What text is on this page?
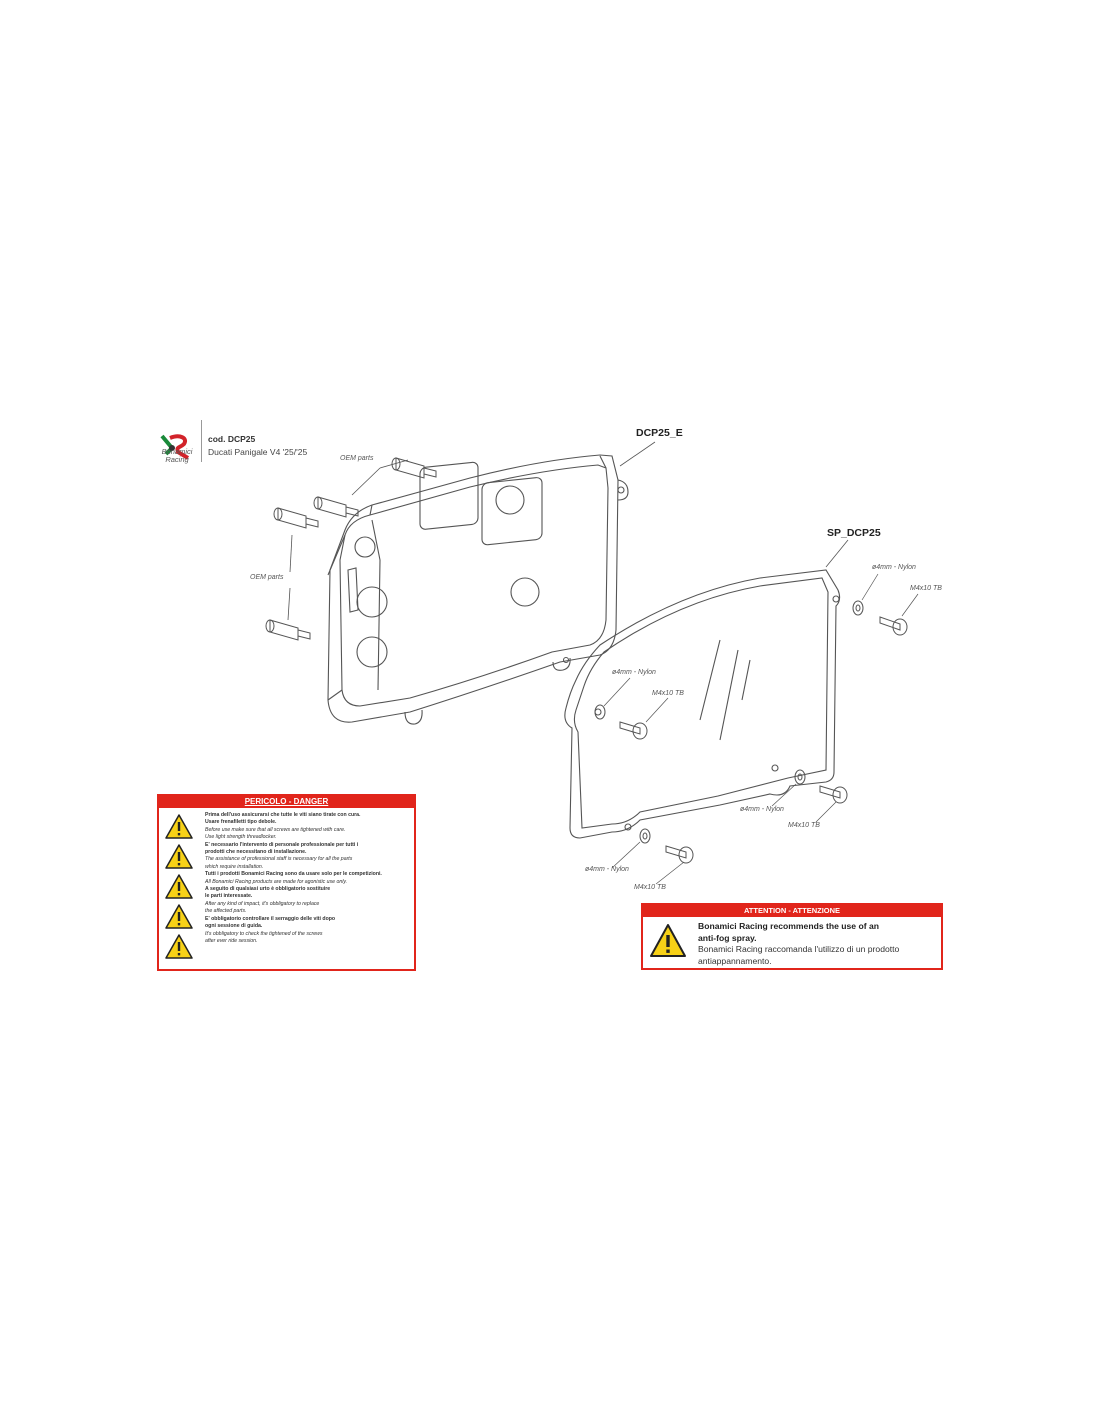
Bonamici
Racing
cod. DCP25
Ducati Panigale V4 '25/'25
DCP25_E
SP_DCP25
OEM parts
OEM parts
ø4mm - Nylon
M4x10 TB
ø4mm - Nylon
M4x10 TB
ø4mm - Nylon
M4x10 TB
ø4mm - Nylon
M4x10 TB
PERICOLO - DANGER
Prima dell'uso assicurarsi che tutte le viti siano tirate con cura.
Usare frenafiletti tipo debole.
Before use make sure that all screws are tightened with care.
Use light strength threadlocker.
E' necessario l'intervento di personale professionale per tutti i
prodotti che necessitano di installazione.
The assistance of professional staff is necessary for all the parts
which require installation.
Tutti i prodotti Bonamici Racing sono da usare solo per le competizioni.
All Bonamici Racing products are made for agonistic use only.
A seguito di qualsiasi urto è obbligatorio sostituire
le parti interessate.
After any kind of impact, it's obbligatory to replace
the affected parts.
E' obbligatorio controllare il serraggio delle viti dopo
ogni sessione di guida.
It's obbligatory to check the tightened of the screws
after ever ride session.
ATTENTION - ATTENZIONE
Bonamici Racing recommends the use of an
anti-fog spray.
Bonamici Racing raccomanda l'utilizzo di un prodotto
antiappannamento.
